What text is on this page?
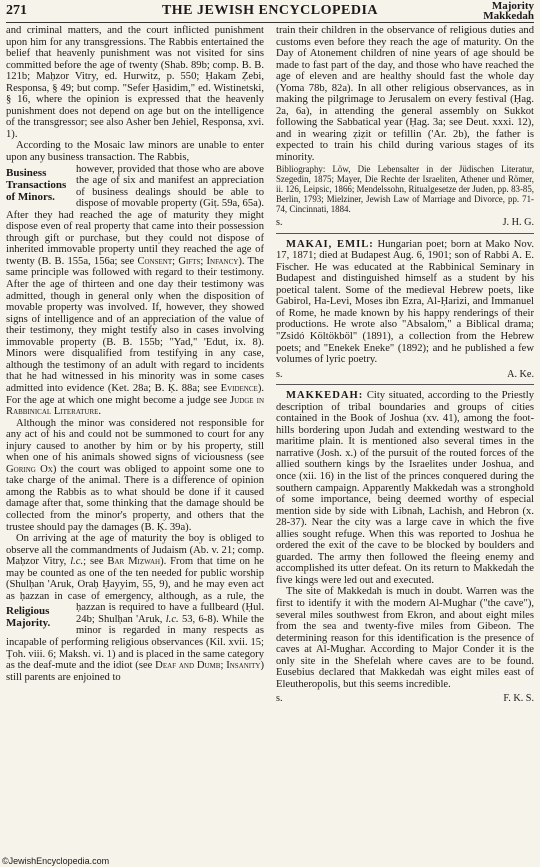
271	THE JEWISH ENCYCLOPEDIA	Majority
Makkedah

and criminal matters, and the court inflicted punishment upon him for any transgressions. The Rabbis entertained the belief that heavenly punishment was not visited for sins committed before the age of twenty (Shab. 89b; comp. B. B. 121b; Maḥzor Vitry, ed. Hurwitz, p. 550; Ḥakam Ẓebi, Responsa, § 49; but comp. "Sefer Ḥasidim," ed. Wistinetski, § 16, where the opinion is expressed that the heavenly punishment does not depend on age but on the intelligence of the transgressor; see also Asher ben Jehiel, Responsa, xvi. 1).

According to the Mosaic law minors are unable to enter upon any business transaction. The Rabbis,

Business Transactions of Minors.
however, provided that those who are above the age of six and manifest an appreciation of business dealings should be able to dispose of movable property (Giṭ. 59a, 65a). After they had reached the age of maturity they might dispose even of real property that came into their possession through gift or purchase, but they could not dispose of inherited immovable property until they reached the age of twenty (B. B. 155a, 156a; see Consent; Gifts; Infancy). The same principle was followed with regard to their testimony. After the age of thirteen and one day their testimony was admitted, though in general only when the disposition of movable property was involved. If, however, they showed signs of intelligence and of an appreciation of the value of their testimony, they might testify also in cases involving immovable property (B. B. 155b; "Yad," 'Edut, ix. 8). Minors were disqualified from testifying in any case, although the testimony of an adult with regard to incidents that he had witnessed in his minority was in some cases admitted into evidence (Ket. 28a; B. Ḳ. 88a; see Evidence). For the age at which one might become a judge see Judge in Rabbinical Literature.

Although the minor was considered not responsible for any act of his and could not be summoned to court for any injury caused to another by him or by his property, still when one of his animals showed signs of viciousness (see Goring Ox) the court was obliged to appoint some one to take charge of the animal. There is a difference of opinion among the Rabbis as to what should be done if it caused damage after that, some thinking that the damage should be collected from the minor's property, and others that the trustee should pay the damages (B. Ḳ. 39a).

On arriving at the age of maturity the boy is obliged to observe all the commandments of Judaism (Ab. v. 21; comp. Maḥzor Vitry, l.c.; see Bar Miẓwah). From that time on he may be counted as one of the ten needed for public worship (Shulḥan 'Aruk, Oraḥ Ḥayyim, 55, 9), and he may even act as ḥazzan in case of emergency, although, as a rule, the ḥazzan is required to have a full
Religious Majority.
beard (Ḥul. 24b; Shulḥan 'Aruk, l.c. 53, 6-8). While the minor is regarded in many respects as incapable of performing religious observances (Kil. xvii. 15; Ṭoh. viii. 6; Maksh. vi. 1) and is placed in the same category as the deaf-mute and the idiot (see Deaf and Dumb; Insanity) still parents are enjoined to

train their children in the observance of religious duties and customs even before they reach the age of maturity. On the Day of Atonement children of nine years of age should be made to fast part of the day, and those who have reached the age of eleven and are healthy should fast the whole day (Yoma 78b, 82a). In all other religious observances, as in making the pilgrimage to Jerusalem on every festival (Ḥag. 2a, 6a), in attending the general assembly on Sukkot following the Sabbatical year (Ḥag. 3a; see Deut. xxxi. 12), and in wearing ẓiẓit or tefillin ('Ar. 2b), the father is expected to train his child during various stages of its minority.

Bibliography: Löw, Die Lebensalter in der Jüdischen Literatur, Szegedin, 1875; Mayer, Die Rechte der Israeliten, Athener und Römer, ii. 126, Leipsic, 1866; Mendelssohn, Ritualgesetze der Juden, pp. 83-85, Berlin, 1793; Mielziner, Jewish Law of Marriage and Divorce, pp. 71-74, Cincinnati, 1884.

s.	J. H. G.

MAKAI, EMIL: Hungarian poet; born at Mako Nov. 17, 1871; died at Budapest Aug. 6, 1901; son of Rabbi A. E. Fischer. He was educated at the Rabbinical Seminary in Budapest and distinguished himself as a student by his poetical talent. Some of the medieval Hebrew poets, like Gabirol, Ha-Levi, Moses ibn Ezra, Al-Ḥarizi, and Immanuel of Rome, he made known by his happy renderings of their productions. He wrote also "Absalom," a Biblical drama; "Zsidó Költökböl" (1891), a collection from the Hebrew poets; and "Enekek Eneke" (1892); and he published a few volumes of lyric poetry.

s.	A. Ke.

MAKKEDAH: City situated, according to the Priestly description of tribal boundaries and groups of cities contained in the Book of Joshua (xv. 41), among the foot-hills bordering upon Judah and extending westward to the maritime plain. It is mentioned also several times in the narrative (Josh. x.) of the pursuit of the routed forces of the allied southern kings by the Israelites under Joshua, and once (xii. 16) in the list of the princes conquered during the southern campaign. Apparently Makkedah was a stronghold of some importance, being deemed worthy of especial mention side by side with Libnah, Lachish, and Hebron (x. 28-37). Near the city was a large cave in which the five allies sought refuge. When this was reported to Joshua he ordered the exit of the cave to be blocked by boulders and guarded. The army then followed the fleeing enemy and accomplished its utter defeat. On its return to Makkedah the five kings were led out and executed.

The site of Makkedah is much in doubt. Warren was the first to identify it with the modern Al-Mughar ("the cave"), several miles southwest from Ekron, and about eight miles from the sea and twenty-five miles from Gibeon. The determining reason for this identification is the presence of caves at Al-Mughar. According to Major Conder it is the only site in the Shefelah where caves are to be found. Eusebius declared that Makkedah was eight miles east of Eleutheropolis, but this seems incredible.

s.	F. K. S.
©JewishEncyclopedia.com
